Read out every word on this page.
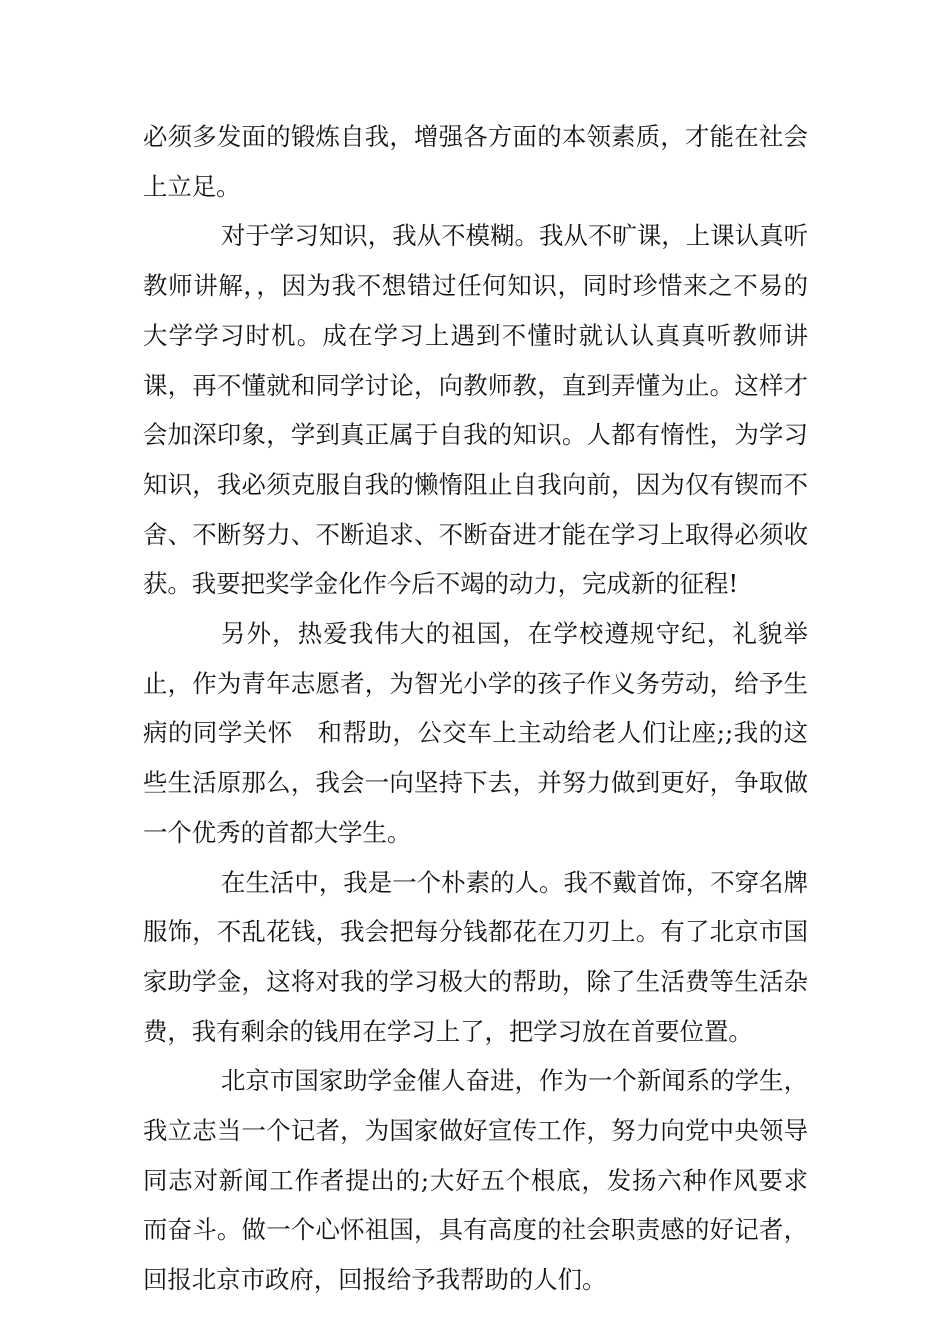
必须多发面的锻炼自我，增强各方面的本领素质，才能在社会上立足。

对于学习知识，我从不模糊。我从不旷课，上课认真听教师讲解，，因为我不想错过任何知识，同时珍惜来之不易的大学学习时机。成在学习上遇到不懂时就认认真真听教师讲课，再不懂就和同学讨论，向教师教，直到弄懂为止。这样才会加深印象，学到真正属于自我的知识。人都有惰性，为学习知识，我必须克服自我的懒惰阻止自我向前，因为仅有锲而不舍、不断努力、不断追求、不断奋进才能在学习上取得必须收获。我要把奖学金化作今后不竭的动力，完成新的征程!

另外，热爱我伟大的祖国，在学校遵规守纪，礼貌举止，作为青年志愿者，为智光小学的孩子作义务劳动，给予生病的同学关怀　和帮助，公交车上主动给老人们让座;;我的这些生活原那么，我会一向坚持下去，并努力做到更好，争取做一个优秀的首都大学生。

在生活中，我是一个朴素的人。我不戴首饰，不穿名牌服饰，不乱花钱，我会把每分钱都花在刀刃上。有了北京市国家助学金，这将对我的学习极大的帮助，除了生活费等生活杂费，我有剩余的钱用在学习上了，把学习放在首要位置。

北京市国家助学金催人奋进，作为一个新闻系的学生，我立志当一个记者，为国家做好宣传工作，努力向党中央领导同志对新闻工作者提出的;大好五个根底，发扬六种作风要求而奋斗。做一个心怀祖国，具有高度的社会职责感的好记者，回报北京市政府，回报给予我帮助的人们。
